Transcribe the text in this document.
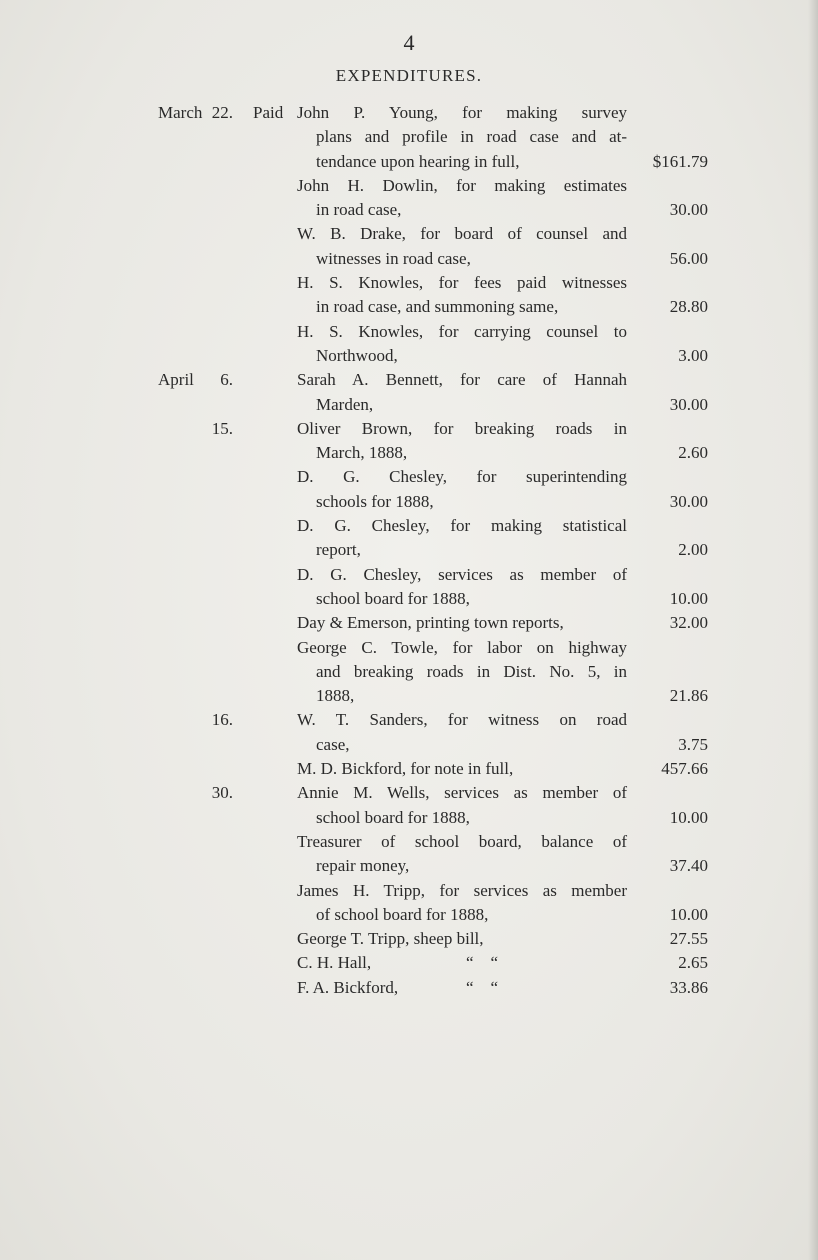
4
EXPENDITURES.
March 22. Paid John P. Young, for making survey
plans and profile in road case and at-
tendance upon hearing in full,	$161.79
John H. Dowlin, for making estimates
in road case,	30.00
W. B. Drake, for board of counsel and
witnesses in road case,	56.00
H. S. Knowles, for fees paid witnesses
in road case, and summoning same,	28.80
H. S. Knowles, for carrying counsel to
Northwood,	3.00
April	6.	Sarah A. Bennett, for care of Hannah
Marden,	30.00
15.	Oliver Brown, for breaking roads in
March, 1888,	2.60
D. G. Chesley, for superintending
schools for 1888,	30.00
D. G. Chesley, for making statistical
report,	2.00
D. G. Chesley, services as member of
school board for 1888,	10.00
Day & Emerson, printing town reports,	32.00
George C. Towle, for labor on highway
and breaking roads in Dist. No. 5, in
1888,	21.86
16.	W. T. Sanders, for witness on road
case,	3.75
M. D. Bickford, for note in full,	457.66
30.	Annie M. Wells, services as member of
school board for 1888,	10.00
Treasurer of school board, balance of
repair money,	37.40
James H. Tripp, for services as member
of school board for 1888,	10.00
George T. Tripp, sheep bill,	27.55
C. H. Hall,	“    “	2.65
F. A. Bickford,	“    “	33.86
